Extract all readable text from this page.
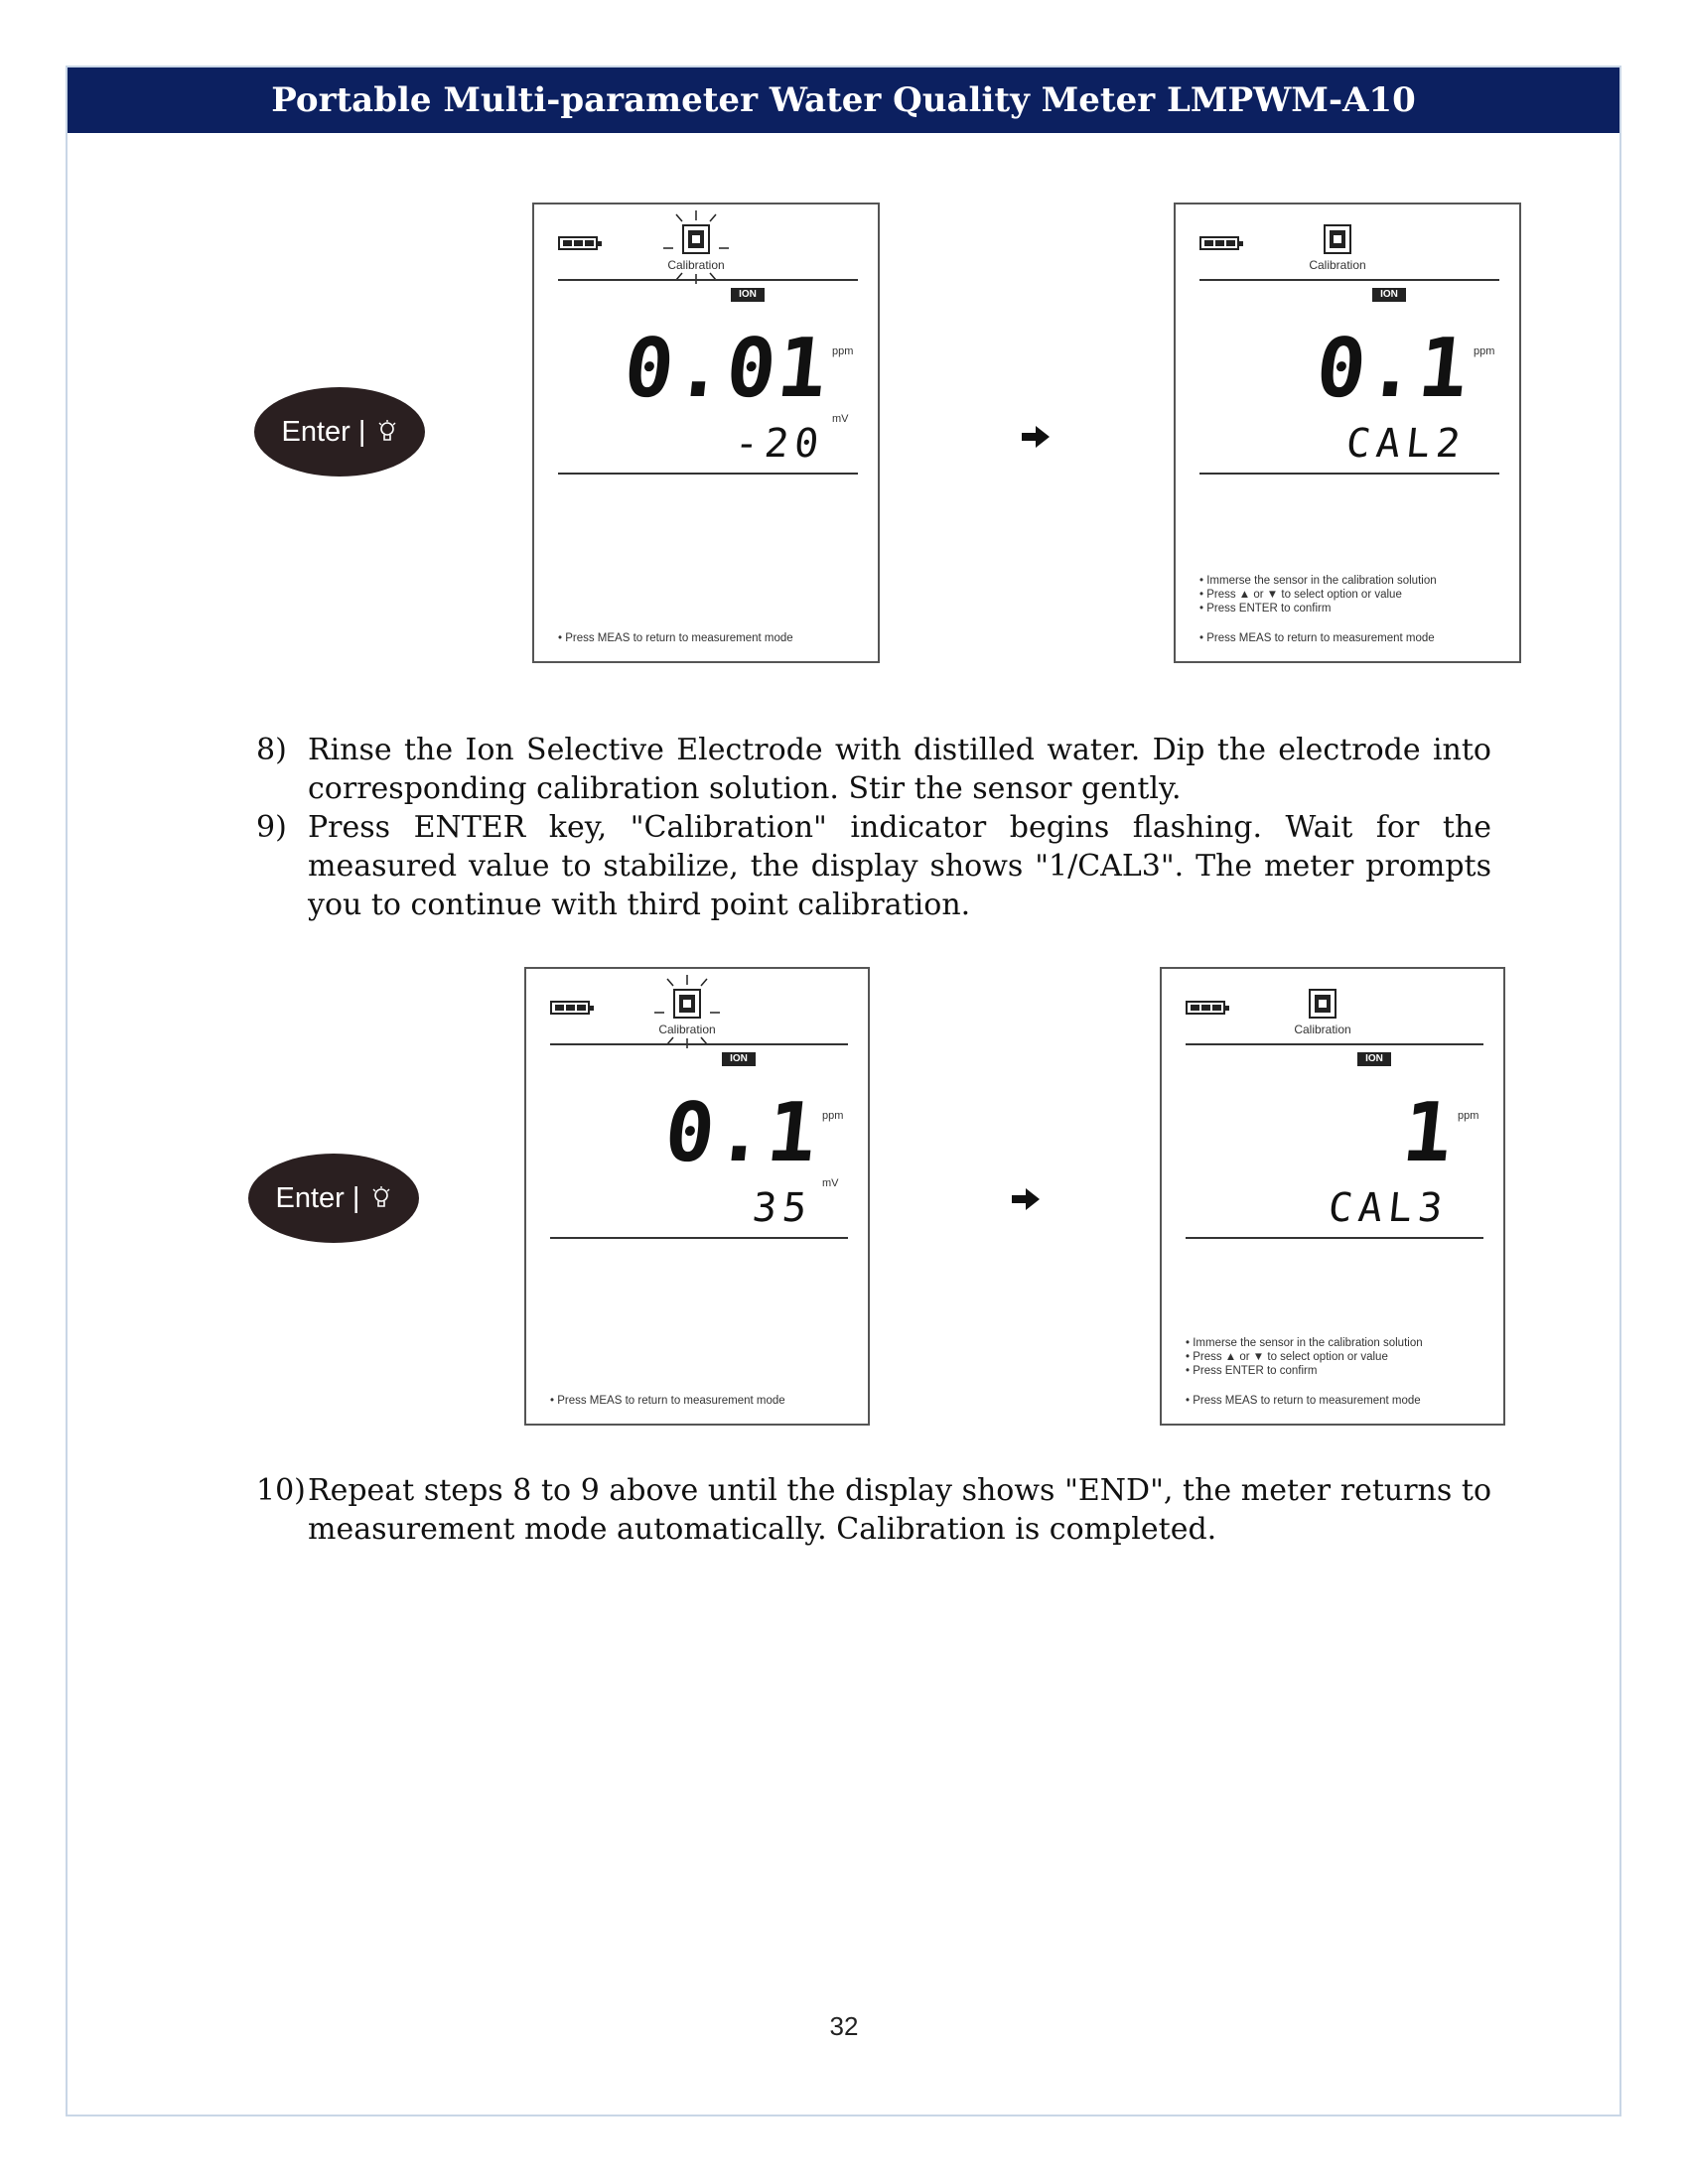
Portable Multi-parameter Water Quality Meter LMPWM-A10
Enter |
Calibration
ION
0.01 ppm
-20
mV
• Press MEAS to return to measurement mode
Calibration
ION
0.1 ppm
CAL2
• Immerse the sensor in the calibration solution
• Press ▲ or ▼ to select option or value
• Press ENTER to confirm
• Press MEAS to return to measurement mode
8) Rinse the Ion Selective Electrode with distilled water. Dip the electrode into corresponding calibration solution. Stir the sensor gently.
9) Press ENTER key, "Calibration" indicator begins flashing. Wait for the measured value to stabilize, the display shows "1/CAL3". The meter prompts you to continue with third point calibration.
Enter |
Calibration
ION
0.1 ppm
35
mV
• Press MEAS to return to measurement mode
Calibration
ION
1 ppm
CAL3
• Immerse the sensor in the calibration solution
• Press ▲ or ▼ to select option or value
• Press ENTER to confirm
• Press MEAS to return to measurement mode
10) Repeat steps 8 to 9 above until the display shows "END", the meter returns to measurement mode automatically. Calibration is completed.
32
